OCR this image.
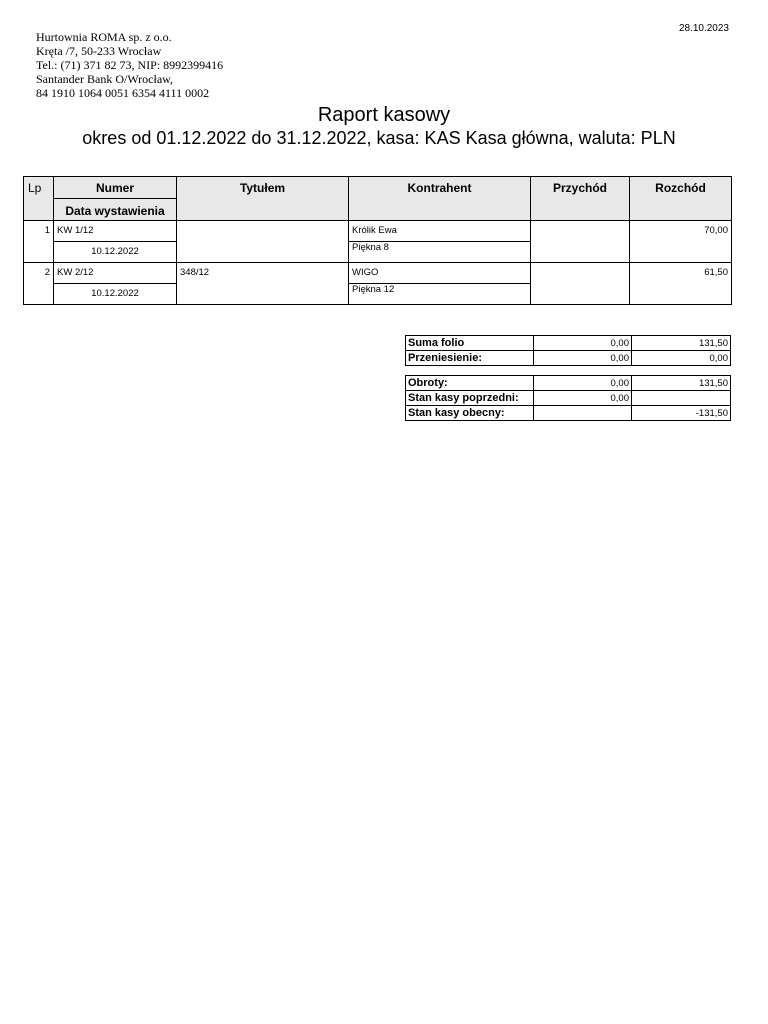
28.10.2023
Hurtownia ROMA sp. z o.o.
Kręta /7, 50-233 Wrocław
Tel.: (71) 371 82 73, NIP: 8992399416
Santander Bank O/Wrocław,
84 1910 1064 0051 6354 4111 0002
Raport kasowy
okres od 01.12.2022 do 31.12.2022, kasa: KAS Kasa główna, waluta: PLN
Lp	Numer	Tytułem	Kontrahent	Przychód	Rozchód
	Data wystawienia				
1	KW 1/12		Królik Ewa		70,00
	10.12.2022		Piękna 8		
2	KW 2/12	348/12	WIGO		61,50
	10.12.2022		Piękna 12		
Suma folio	0,00	131,50
Przeniesienie:	0,00	0,00
Obroty:	0,00	131,50
Stan kasy poprzedni:	0,00	
Stan kasy obecny:		-131,50
